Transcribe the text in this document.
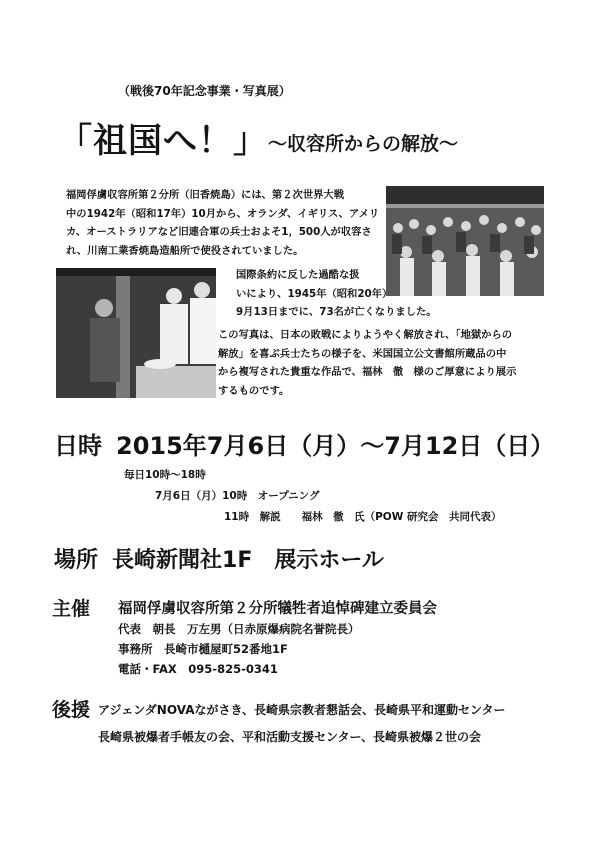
（戦後70年記念事業・写真展）
「祖国へ！」 ～収容所からの解放～
福岡俘虜収容所第２分所（旧香焼島）には、第２次世界大戦
中の1942年（昭和17年）10月から、オランダ、イギリス、アメリ
カ、オーストラリアなど旧連合軍の兵士およそ1，500人が収容さ
れ、川南工業香焼島造船所で使役されていました。
国際条約に反した過酷な扱
いにより、1945年（昭和20年）
9月13日までに、73名が亡くなりました。
この写真は、日本の敗戦によりようやく解放され、「地獄からの
解放」を喜ぶ兵士たちの様子を、米国国立公文書館所蔵品の中
から複写された貴重な作品で、福林　徹　様のご厚意により展示
するものです。
日時 2015年7月6日（月）～7月12日（日）
毎日10時～18時
7月6日（月）10時　オープニング
11時　解説　　福林　徹　氏（POW 研究会　共同代表）
場所 長崎新聞社1F　展示ホール
主催 福岡俘虜収容所第２分所犠牲者追悼碑建立委員会
代表　朝長　万左男（日赤原爆病院名誉院長）
事務所　長崎市樋屋町52番地1F
電話・FAX　095-825-0341
後援 アジェンダNOVAながさき、長崎県宗教者懇話会、長崎県平和運動センター
長崎県被爆者手帳友の会、平和活動支援センター、長崎県被爆２世の会
